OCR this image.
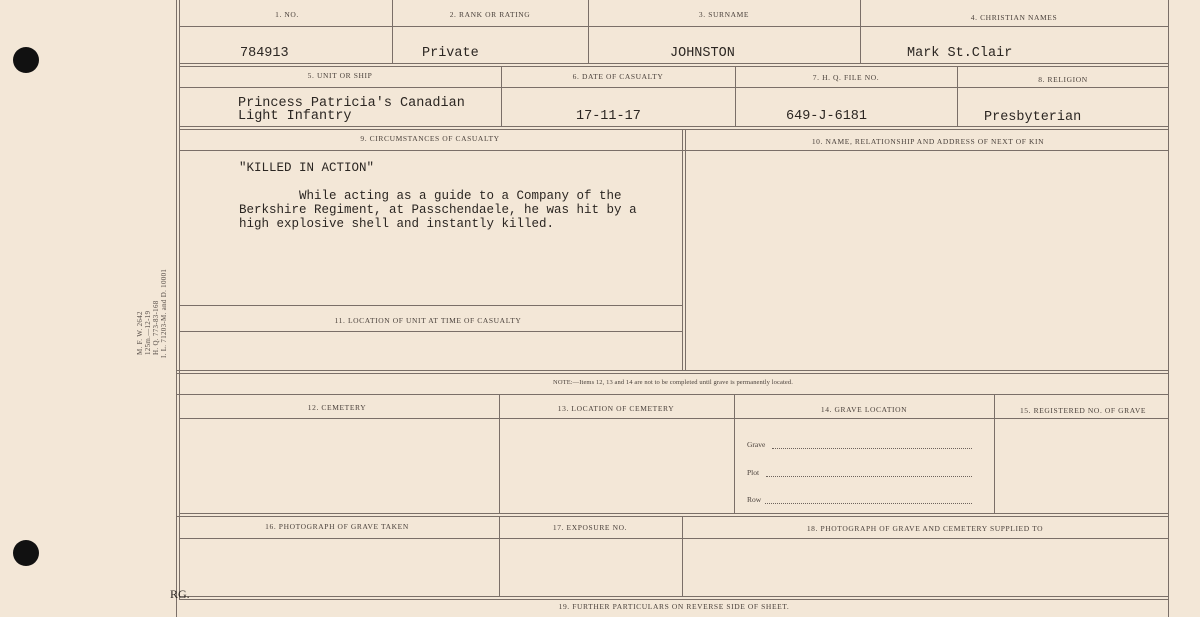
M. F. W. 2642 125m.—12-19 H. Q. 773-83-168 I. L. 71203-M. and D. 10001
1. NO.	2. RANK OR RATING	3. SURNAME	4. CHRISTIAN NAMES
784913	Private	JOHNSTON	Mark St.Clair
5. UNIT OR SHIP	6. DATE OF CASUALTY	7. H. Q. FILE NO.	8. RELIGION
Princess Patricia's Canadian
Light Infantry	17-11-17	649-J-6181	Presbyterian
9. CIRCUMSTANCES OF CASUALTY	10. NAME, RELATIONSHIP AND ADDRESS OF NEXT OF KIN
11. LOCATION OF UNIT AT TIME OF CASUALTY
"KILLED IN ACTION"
While acting as a guide to a Company of the
Berkshire Regiment, at Passchendaele, he was hit by a
high explosive shell and instantly killed.
NOTE:—Items 12, 13 and 14 are not to be completed until grave is permanently located.
12. CEMETERY	13. LOCATION OF CEMETERY	14. GRAVE LOCATION	15. REGISTERED NO. OF GRAVE
Grave
Plot
Row
16. PHOTOGRAPH OF GRAVE TAKEN	17. EXPOSURE NO.	18. PHOTOGRAPH OF GRAVE AND CEMETERY SUPPLIED TO
RG.
19. FURTHER PARTICULARS ON REVERSE SIDE OF SHEET.
